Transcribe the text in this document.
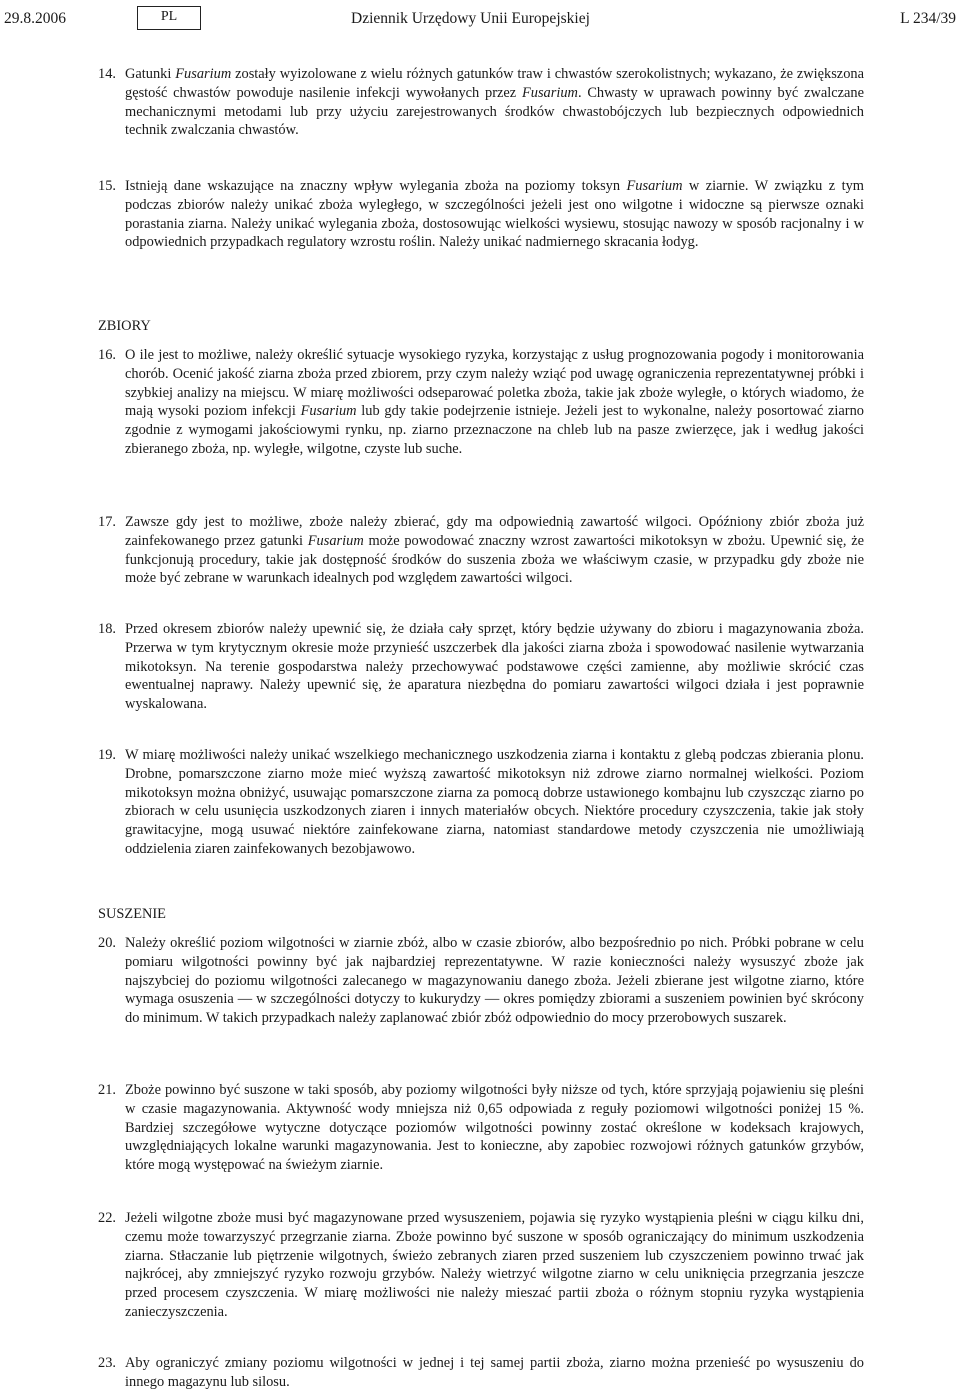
29.8.2006	PL	Dziennik Urzędowy Unii Europejskiej	L 234/39
14. Gatunki Fusarium zostały wyizolowane z wielu różnych gatunków traw i chwastów szerokolistnych; wykazano, że zwiększona gęstość chwastów powoduje nasilenie infekcji wywołanych przez Fusarium. Chwasty w uprawach powinny być zwalczane mechanicznymi metodami lub przy użyciu zarejestrowanych środków chwastobójczych lub bezpiecznych odpowiednich technik zwalczania chwastów.
15. Istnieją dane wskazujące na znaczny wpływ wylegania zboża na poziomy toksyn Fusarium w ziarnie. W związku z tym podczas zbiorów należy unikać zboża wyległego, w szczególności jeżeli jest ono wilgotne i widoczne są pierwsze oznaki porastania ziarna. Należy unikać wylegania zboża, dostosowując wielkości wysiewu, stosując nawozy w sposób racjonalny i w odpowiednich przypadkach regulatory wzrostu roślin. Należy unikać nadmiernego skracania łodyg.
ZBIORY
16. O ile jest to możliwe, należy określić sytuacje wysokiego ryzyka, korzystając z usług prognozowania pogody i monitorowania chorób. Ocenić jakość ziarna zboża przed zbiorem, przy czym należy wziąć pod uwagę ograniczenia reprezentatywnej próbki i szybkiej analizy na miejscu. W miarę możliwości odseparować poletka zboża, takie jak zboże wyległe, o których wiadomo, że mają wysoki poziom infekcji Fusarium lub gdy takie podejrzenie istnieje. Jeżeli jest to wykonalne, należy posortować ziarno zgodnie z wymogami jakościowymi rynku, np. ziarno przeznaczone na chleb lub na pasze zwierzęce, jak i według jakości zbieranego zboża, np. wyległe, wilgotne, czyste lub suche.
17. Zawsze gdy jest to możliwe, zboże należy zbierać, gdy ma odpowiednią zawartość wilgoci. Opóźniony zbiór zboża już zainfekowanego przez gatunki Fusarium może powodować znaczny wzrost zawartości mikotoksyn w zbożu. Upewnić się, że funkcjonują procedury, takie jak dostępność środków do suszenia zboża we właściwym czasie, w przypadku gdy zboże nie może być zebrane w warunkach idealnych pod względem zawartości wilgoci.
18. Przed okresem zbiorów należy upewnić się, że działa cały sprzęt, który będzie używany do zbioru i magazynowania zboża. Przerwa w tym krytycznym okresie może przynieść uszczerbek dla jakości ziarna zboża i spowodować nasilenie wytwarzania mikotoksyn. Na terenie gospodarstwa należy przechowywać podstawowe części zamienne, aby możliwie skrócić czas ewentualnej naprawy. Należy upewnić się, że aparatura niezbędna do pomiaru zawartości wilgoci działa i jest poprawnie wyskalowana.
19. W miarę możliwości należy unikać wszelkiego mechanicznego uszkodzenia ziarna i kontaktu z glebą podczas zbierania plonu. Drobne, pomarszczone ziarno może mieć wyższą zawartość mikotoksyn niż zdrowe ziarno normalnej wielkości. Poziom mikotoksyn można obniżyć, usuwając pomarszczone ziarna za pomocą dobrze ustawionego kombajnu lub czyszcząc ziarno po zbiorach w celu usunięcia uszkodzonych ziaren i innych materiałów obcych. Niektóre procedury czyszczenia, takie jak stoły grawitacyjne, mogą usuwać niektóre zainfekowane ziarna, natomiast standardowe metody czyszczenia nie umożliwiają oddzielenia ziaren zainfekowanych bezobjawowo.
SUSZENIE
20. Należy określić poziom wilgotności w ziarnie zbóż, albo w czasie zbiorów, albo bezpośrednio po nich. Próbki pobrane w celu pomiaru wilgotności powinny być jak najbardziej reprezentatywne. W razie konieczności należy wysuszyć zboże jak najszybciej do poziomu wilgotności zalecanego w magazynowaniu danego zboża. Jeżeli zbierane jest wilgotne ziarno, które wymaga osuszenia — w szczególności dotyczy to kukurydzy — okres pomiędzy zbiorami a suszeniem powinien być skrócony do minimum. W takich przypadkach należy zaplanować zbiór zbóż odpowiednio do mocy przerobowych suszarek.
21. Zboże powinno być suszone w taki sposób, aby poziomy wilgotności były niższe od tych, które sprzyjają pojawieniu się pleśni w czasie magazynowania. Aktywność wody mniejsza niż 0,65 odpowiada z reguły poziomowi wilgotności poniżej 15 %. Bardziej szczegółowe wytyczne dotyczące poziomów wilgotności powinny zostać określone w kodeksach krajowych, uwzględniających lokalne warunki magazynowania. Jest to konieczne, aby zapobiec rozwojowi różnych gatunków grzybów, które mogą występować na świeżym ziarnie.
22. Jeżeli wilgotne zboże musi być magazynowane przed wysuszeniem, pojawia się ryzyko wystąpienia pleśni w ciągu kilku dni, czemu może towarzyszyć przegrzanie ziarna. Zboże powinno być suszone w sposób ograniczający do minimum uszkodzenia ziarna. Stłaczanie lub piętrzenie wilgotnych, świeżo zebranych ziaren przed suszeniem lub czyszczeniem powinno trwać jak najkrócej, aby zmniejszyć ryzyko rozwoju grzybów. Należy wietrzyć wilgotne ziarno w celu uniknięcia przegrzania jeszcze przed procesem czyszczenia. W miarę możliwości nie należy mieszać partii zboża o różnym stopniu ryzyka wystąpienia zanieczyszczenia.
23. Aby ograniczyć zmiany poziomu wilgotności w jednej i tej samej partii zboża, ziarno można przenieść po wysuszeniu do innego magazynu lub silosu.
